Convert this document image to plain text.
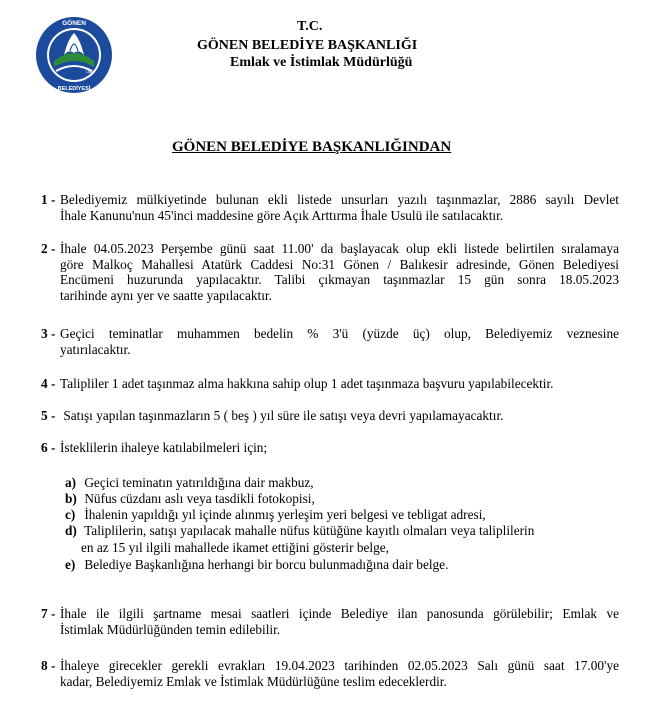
GÖNEN
BELEDİYESİ
1880
T.C.
GÖNEN BELEDİYE BAŞKANLIĞI
Emlak ve İstimlak Müdürlüğü
GÖNEN BELEDİYE BAŞKANLIĞINDAN
1 - Belediyemiz mülkiyetinde bulunan ekli listede unsurları yazılı taşınmazlar, 2886 sayılı Devlet
İhale Kanunu'nun 45'inci maddesine göre Açık Arttırma İhale Usulü ile satılacaktır.
2 - İhale 04.05.2023 Perşembe günü saat 11.00' da başlayacak olup ekli listede belirtilen sıralamaya
göre Malkoç Mahallesi Atatürk Caddesi No:31 Gönen / Balıkesir adresinde, Gönen Belediyesi
Encümeni huzurunda yapılacaktır. Talibi çıkmayan taşınmazlar 15 gün sonra 18.05.2023
tarihinde aynı yer ve saatte yapılacaktır.
3 - Geçici teminatlar muhammen bedelin % 3'ü (yüzde üç) olup, Belediyemiz veznesine
yatırılacaktır.
4 - Talipliler 1 adet taşınmaz alma hakkına sahip olup 1 adet taşınmaza başvuru yapılabilecektir.
5 - Satışı yapılan taşınmazların 5 ( beş ) yıl süre ile satışı veya devri yapılamayacaktır.
6 - İsteklilerin ihaleye katılabilmeleri için;
a) Geçici teminatın yatırıldığına dair makbuz,
b) Nüfus cüzdanı aslı veya tasdikli fotokopisi,
c) İhalenin yapıldığı yıl içinde alınmış yerleşim yeri belgesi ve tebligat adresi,
d) Taliplilerin, satışı yapılacak mahalle nüfus kütüğüne kayıtlı olmaları veya taliplilerin
en az 15 yıl ilgili mahallede ikamet ettiğini gösterir belge,
e) Belediye Başkanlığına herhangi bir borcu bulunmadığına dair belge.
7 - İhale ile ilgili şartname mesai saatleri içinde Belediye ilan panosunda görülebilir; Emlak ve
İstimlak Müdürlüğünden temin edilebilir.
8 - İhaleye girecekler gerekli evrakları 19.04.2023 tarihinden 02.05.2023 Salı günü saat 17.00'ye
kadar, Belediyemiz Emlak ve İstimlak Müdürlüğüne teslim edeceklerdir.
